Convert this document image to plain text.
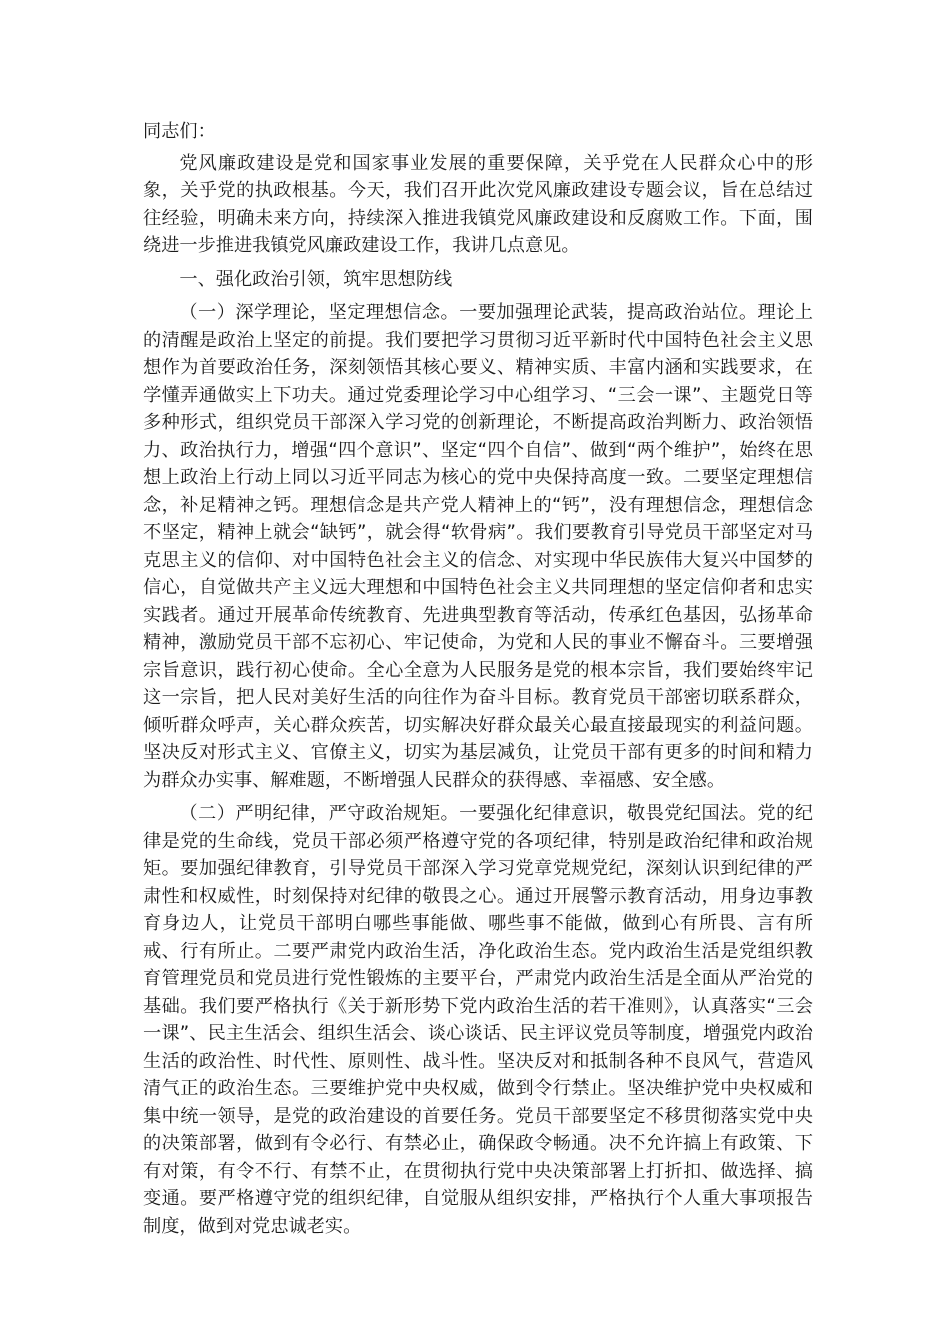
同志们：

党风廉政建设是党和国家事业发展的重要保障，关乎党在人民群众心中的形象，关乎党的执政根基。今天，我们召开此次党风廉政建设专题会议，旨在总结过往经验，明确未来方向，持续深入推进我镇党风廉政建设和反腐败工作。下面，围绕进一步推进我镇党风廉政建设工作，我讲几点意见。

一、强化政治引领，筑牢思想防线

（一）深学理论，坚定理想信念。一要加强理论武装，提高政治站位。理论上的清醒是政治上坚定的前提。我们要把学习贯彻习近平新时代中国特色社会主义思想作为首要政治任务，深刻领悟其核心要义、精神实质、丰富内涵和实践要求，在学懂弄通做实上下功夫。通过党委理论学习中心组学习、“三会一课”、主题党日等多种形式，组织党员干部深入学习党的创新理论，不断提高政治判断力、政治领悟力、政治执行力，增强“四个意识”、坚定“四个自信”、做到“两个维护”，始终在思想上政治上行动上同以习近平同志为核心的党中央保持高度一致。二要坚定理想信念，补足精神之钙。理想信念是共产党人精神上的“钙”，没有理想信念，理想信念不坚定，精神上就会“缺钙”，就会得“软骨病”。我们要教育引导党员干部坚定对马克思主义的信仰、对中国特色社会主义的信念、对实现中华民族伟大复兴中国梦的信心，自觉做共产主义远大理想和中国特色社会主义共同理想的坚定信仰者和忠实实践者。通过开展革命传统教育、先进典型教育等活动，传承红色基因，弘扬革命精神，激励党员干部不忘初心、牢记使命，为党和人民的事业不懈奋斗。三要增强宗旨意识，践行初心使命。全心全意为人民服务是党的根本宗旨，我们要始终牢记这一宗旨，把人民对美好生活的向往作为奋斗目标。教育党员干部密切联系群众，倾听群众呼声，关心群众疾苦，切实解决好群众最关心最直接最现实的利益问题。坚决反对形式主义、官僚主义，切实为基层减负，让党员干部有更多的时间和精力为群众办实事、解难题，不断增强人民群众的获得感、幸福感、安全感。

（二）严明纪律，严守政治规矩。一要强化纪律意识，敬畏党纪国法。党的纪律是党的生命线，党员干部必须严格遵守党的各项纪律，特别是政治纪律和政治规矩。要加强纪律教育，引导党员干部深入学习党章党规党纪，深刻认识到纪律的严肃性和权威性，时刻保持对纪律的敬畏之心。通过开展警示教育活动，用身边事教育身边人，让党员干部明白哪些事能做、哪些事不能做，做到心有所畏、言有所戒、行有所止。二要严肃党内政治生活，净化政治生态。党内政治生活是党组织教育管理党员和党员进行党性锻炼的主要平台，严肃党内政治生活是全面从严治党的基础。我们要严格执行《关于新形势下党内政治生活的若干准则》，认真落实“三会一课”、民主生活会、组织生活会、谈心谈话、民主评议党员等制度，增强党内政治生活的政治性、时代性、原则性、战斗性。坚决反对和抵制各种不良风气，营造风清气正的政治生态。三要维护党中央权威，做到令行禁止。坚决维护党中央权威和集中统一领导，是党的政治建设的首要任务。党员干部要坚定不移贯彻落实党中央的决策部署，做到有令必行、有禁必止，确保政令畅通。决不允许搞上有政策、下有对策，有令不行、有禁不止，在贯彻执行党中央决策部署上打折扣、做选择、搞变通。要严格遵守党的组织纪律，自觉服从组织安排，严格执行个人重大事项报告制度，做到对党忠诚老实。
